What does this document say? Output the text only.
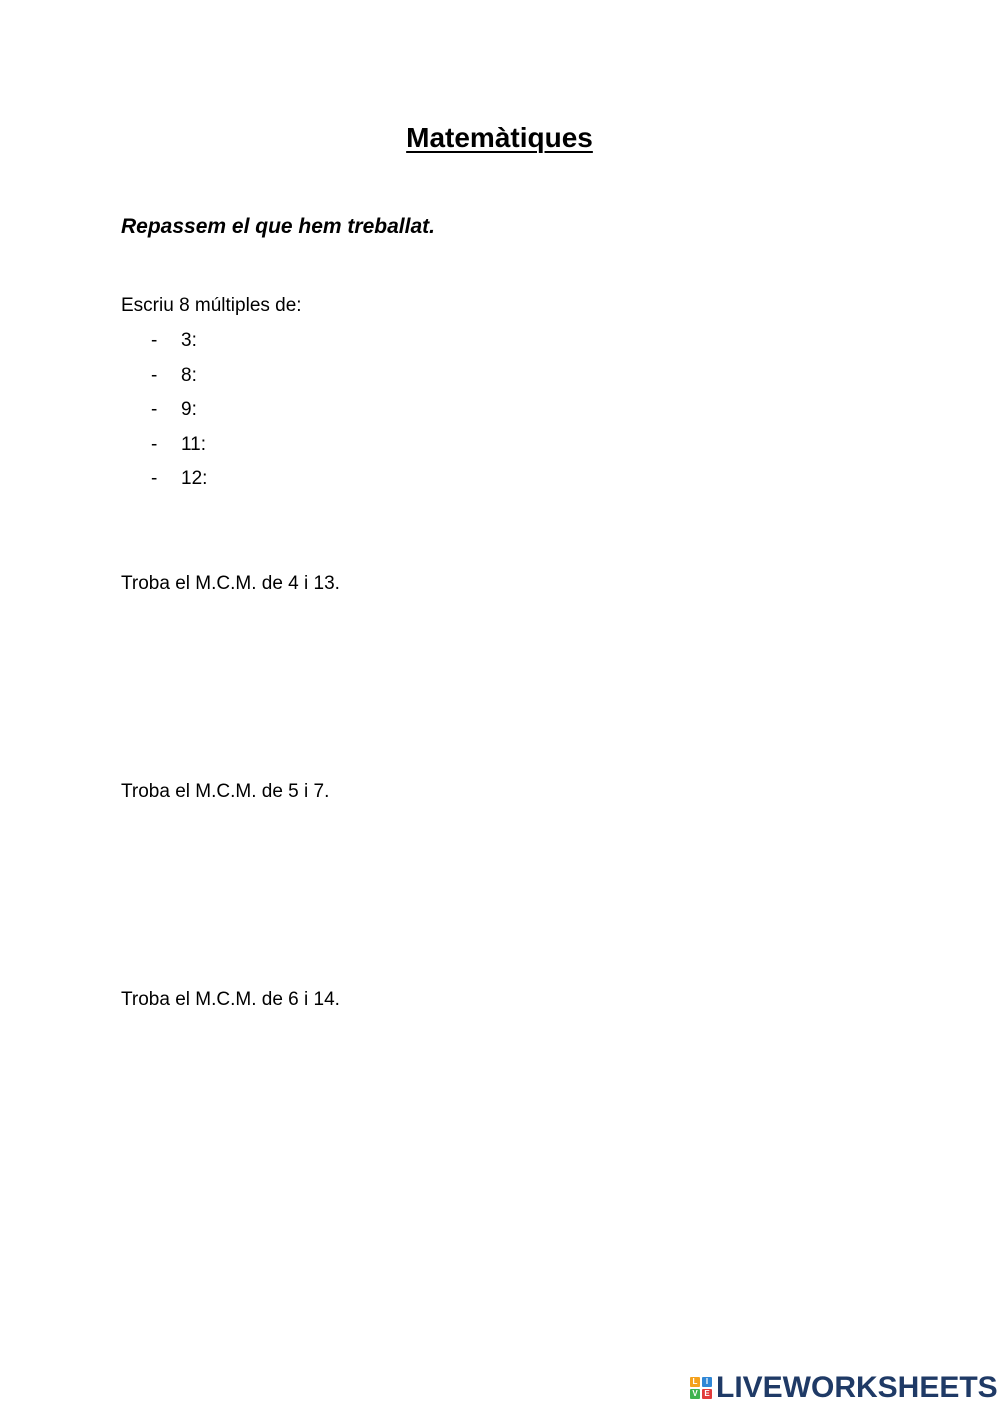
Matemàtiques

Repassem el que hem treballat.

Escriu 8 múltiples de:

- 3:
- 8:
- 9:
- 11:
- 12:

Troba el M.C.M. de 4 i 13.

Troba el M.C.M. de 5 i 7.

Troba el M.C.M. de 6 i 14.

L	I
V E LIVEWORKSHEETS
